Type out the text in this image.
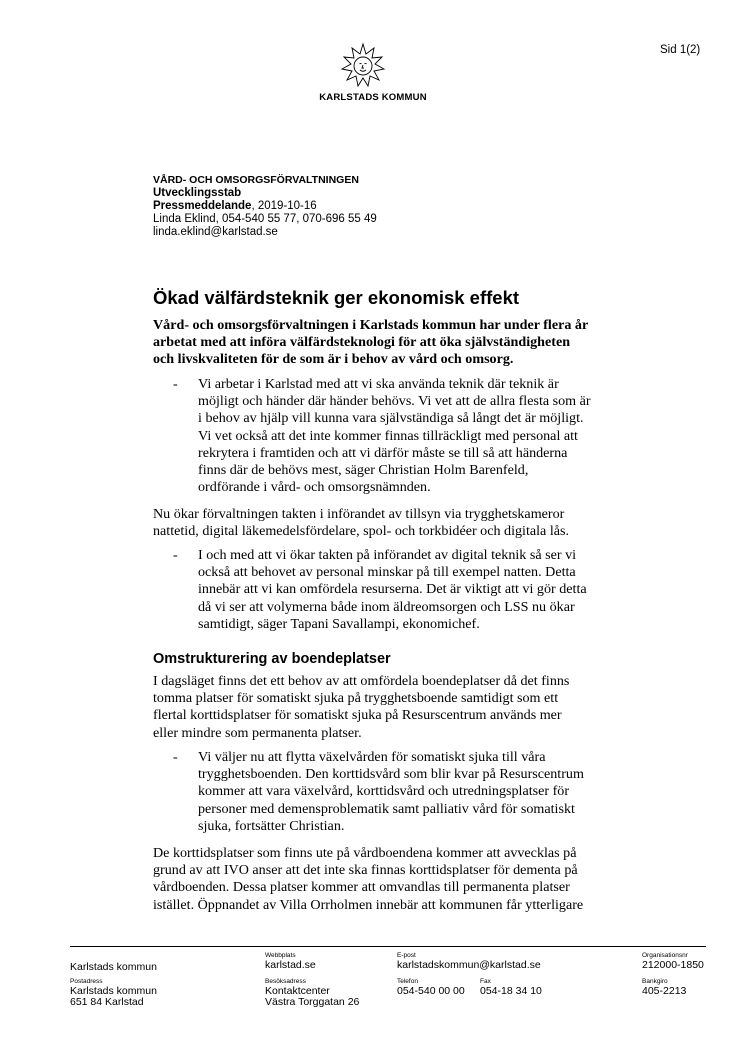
Sid 1(2)
KARLSTADS KOMMUN
VÅRD- OCH OMSORGSFÖRVALTNINGEN
Utvecklingsstab
Pressmeddelande, 2019-10-16
Linda Eklind, 054-540 55 77, 070-696 55 49
linda.eklind@karlstad.se
Ökad välfärdsteknik ger ekonomisk effekt
Vård- och omsorgsförvaltningen i Karlstads kommun har under flera år
arbetat med att införa välfärdsteknologi för att öka självständigheten
och livskvaliteten för de som är i behov av vård och omsorg.
- Vi arbetar i Karlstad med att vi ska använda teknik där teknik är
möjligt och händer där händer behövs. Vi vet att de allra flesta som är
i behov av hjälp vill kunna vara självständiga så långt det är möjligt.
Vi vet också att det inte kommer finnas tillräckligt med personal att
rekrytera i framtiden och att vi därför måste se till så att händerna
finns där de behövs mest, säger Christian Holm Barenfeld,
ordförande i vård- och omsorgsnämnden.
Nu ökar förvaltningen takten i införandet av tillsyn via trygghetskameror
nattetid, digital läkemedelsfördelare, spol- och torkbidéer och digitala lås.
- I och med att vi ökar takten på införandet av digital teknik så ser vi
också att behovet av personal minskar på till exempel natten. Detta
innebär att vi kan omfördela resurserna. Det är viktigt att vi gör detta
då vi ser att volymerna både inom äldreomsorgen och LSS nu ökar
samtidigt, säger Tapani Savallampi, ekonomichef.
Omstrukturering av boendeplatser
I dagsläget finns det ett behov av att omfördela boendeplatser då det finns
tomma platser för somatiskt sjuka på trygghetsboende samtidigt som ett
flertal korttidsplatser för somatiskt sjuka på Resurscentrum används mer
eller mindre som permanenta platser.
- Vi väljer nu att flytta växelvården för somatiskt sjuka till våra
trygghetsboenden. Den korttidsvård som blir kvar på Resurscentrum
kommer att vara växelvård, korttidsvård och utredningsplatser för
personer med demensproblematik samt palliativ vård för somatiskt
sjuka, fortsätter Christian.
De korttidsplatser som finns ute på vårdboendena kommer att avvecklas på
grund av att IVO anser att det inte ska finnas korttidsplatser för dementa på
vårdboenden. Dessa platser kommer att omvandlas till permanenta platser
istället. Öppnandet av Villa Orrholmen innebär att kommunen får ytterligare
Karlstads kommun
Webbplats
karlstad.se
E-post
karlstadskommun@karlstad.se
Organisationsnr
212000-1850
Postadress
Karlstads kommun
651 84 Karlstad
Besöksadress
Kontaktcenter
Västra Torggatan 26
Telefon
054-540 00 00
Fax
054-18 34 10
Bankgiro
405-2213
